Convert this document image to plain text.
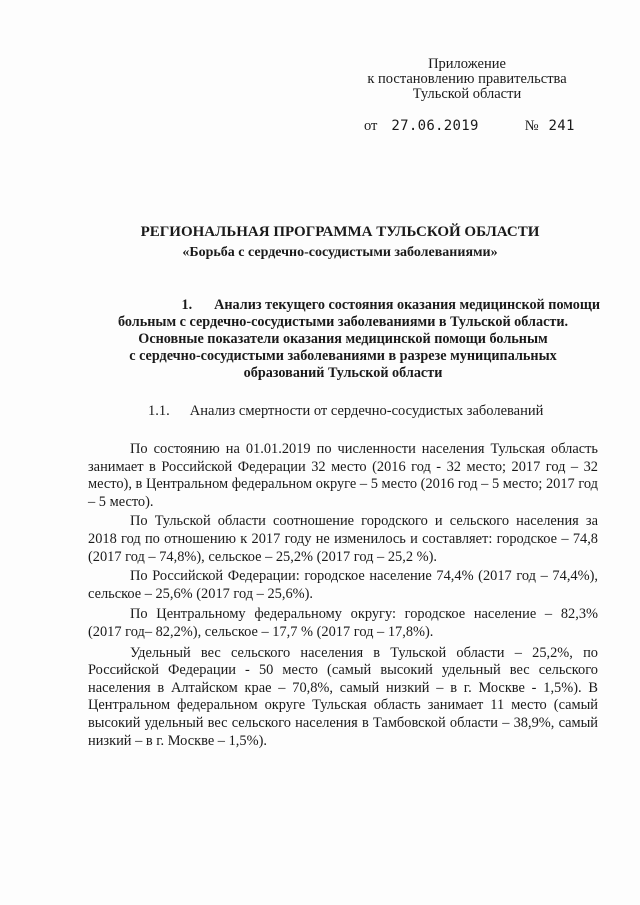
Приложение
к постановлению правительства
Тульской области
от 27.06.2019	№ 241
РЕГИОНАЛЬНАЯ ПРОГРАММА ТУЛЬСКОЙ ОБЛАСТИ
«Борьба с сердечно-сосудистыми заболеваниями»
1. Анализ текущего состояния оказания медицинской помощи
больным с сердечно-сосудистыми заболеваниями в Тульской области.
Основные показатели оказания медицинской помощи больным
с сердечно-сосудистыми заболеваниями в разрезе муниципальных
образований Тульской области
1.1. Анализ смертности от сердечно-сосудистых заболеваний

По состоянию на 01.01.2019 по численности населения Тульская область занимает в Российской Федерации 32 место (2016 год - 32 место; 2017 год – 32 место), в Центральном федеральном округе – 5 место (2016 год – 5 место; 2017 год – 5 место).

По Тульской области соотношение городского и сельского населения за 2018 год по отношению к 2017 году не изменилось и составляет: городское – 74,8 (2017 год – 74,8%), сельское – 25,2% (2017 год – 25,2 %).

По Российской Федерации: городское население 74,4% (2017 год – 74,4%), сельское – 25,6% (2017 год – 25,6%).

По Центральному федеральному округу: городское население – 82,3% (2017 год– 82,2%), сельское – 17,7 % (2017 год – 17,8%).

Удельный вес сельского населения в Тульской области – 25,2%, по Российской Федерации - 50 место (самый высокий удельный вес сельского населения в Алтайском крае – 70,8%, самый низкий – в г. Москве - 1,5%). В Центральном федеральном округе Тульская область занимает 11 место (самый высокий удельный вес сельского населения в Тамбовской области – 38,9%, самый низкий – в г. Москве – 1,5%).
